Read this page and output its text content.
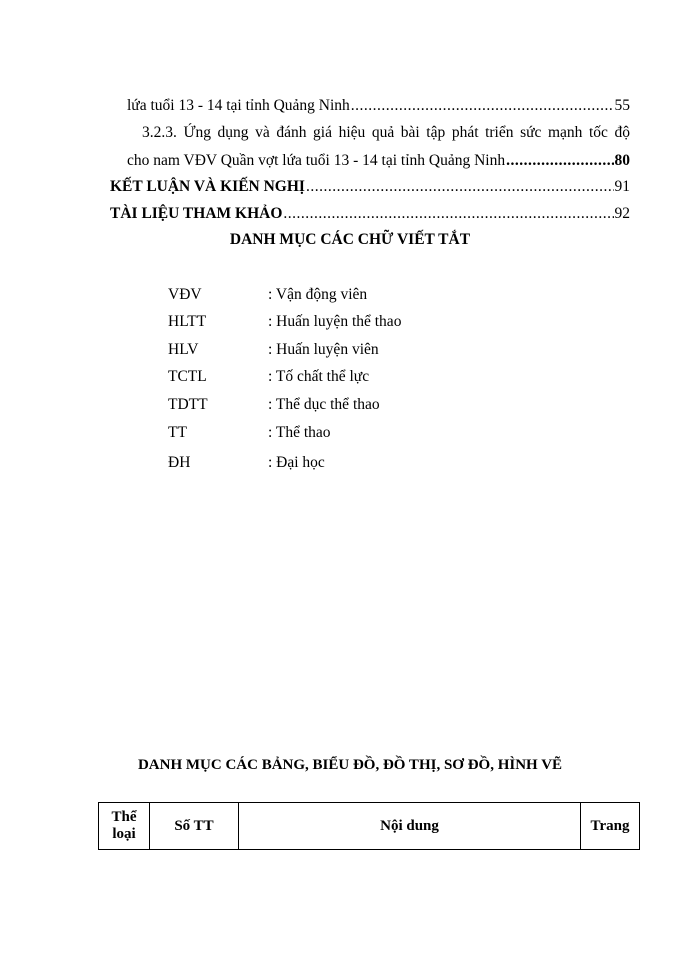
lứa tuổi 13 - 14 tại tỉnh Quảng Ninh .....	55
3.2.3. Ứng dụng và đánh giá hiệu quả bài tập phát triển sức mạnh tốc độ
cho nam VĐV Quần vợt lứa tuổi 13 - 14 tại tỉnh Quảng Ninh .....	80
KẾT LUẬN VÀ KIẾN NGHỊ .....	91
TÀI LIỆU THAM KHẢO .....	92
DANH MỤC CÁC CHỮ VIẾT TẮT
VĐV	: Vận động viên
HLTT	: Huấn luyện thể thao
HLV	: Huấn luyện viên
TCTL	: Tố chất thể lực
TDTT	: Thể dục thể thao
TT	: Thể thao
ĐH	: Đại học
DANH MỤC CÁC BẢNG, BIỂU ĐỒ, ĐỒ THỊ, SƠ ĐỒ, HÌNH VẼ
Thể loại	Số TT	Nội dung	Trang
